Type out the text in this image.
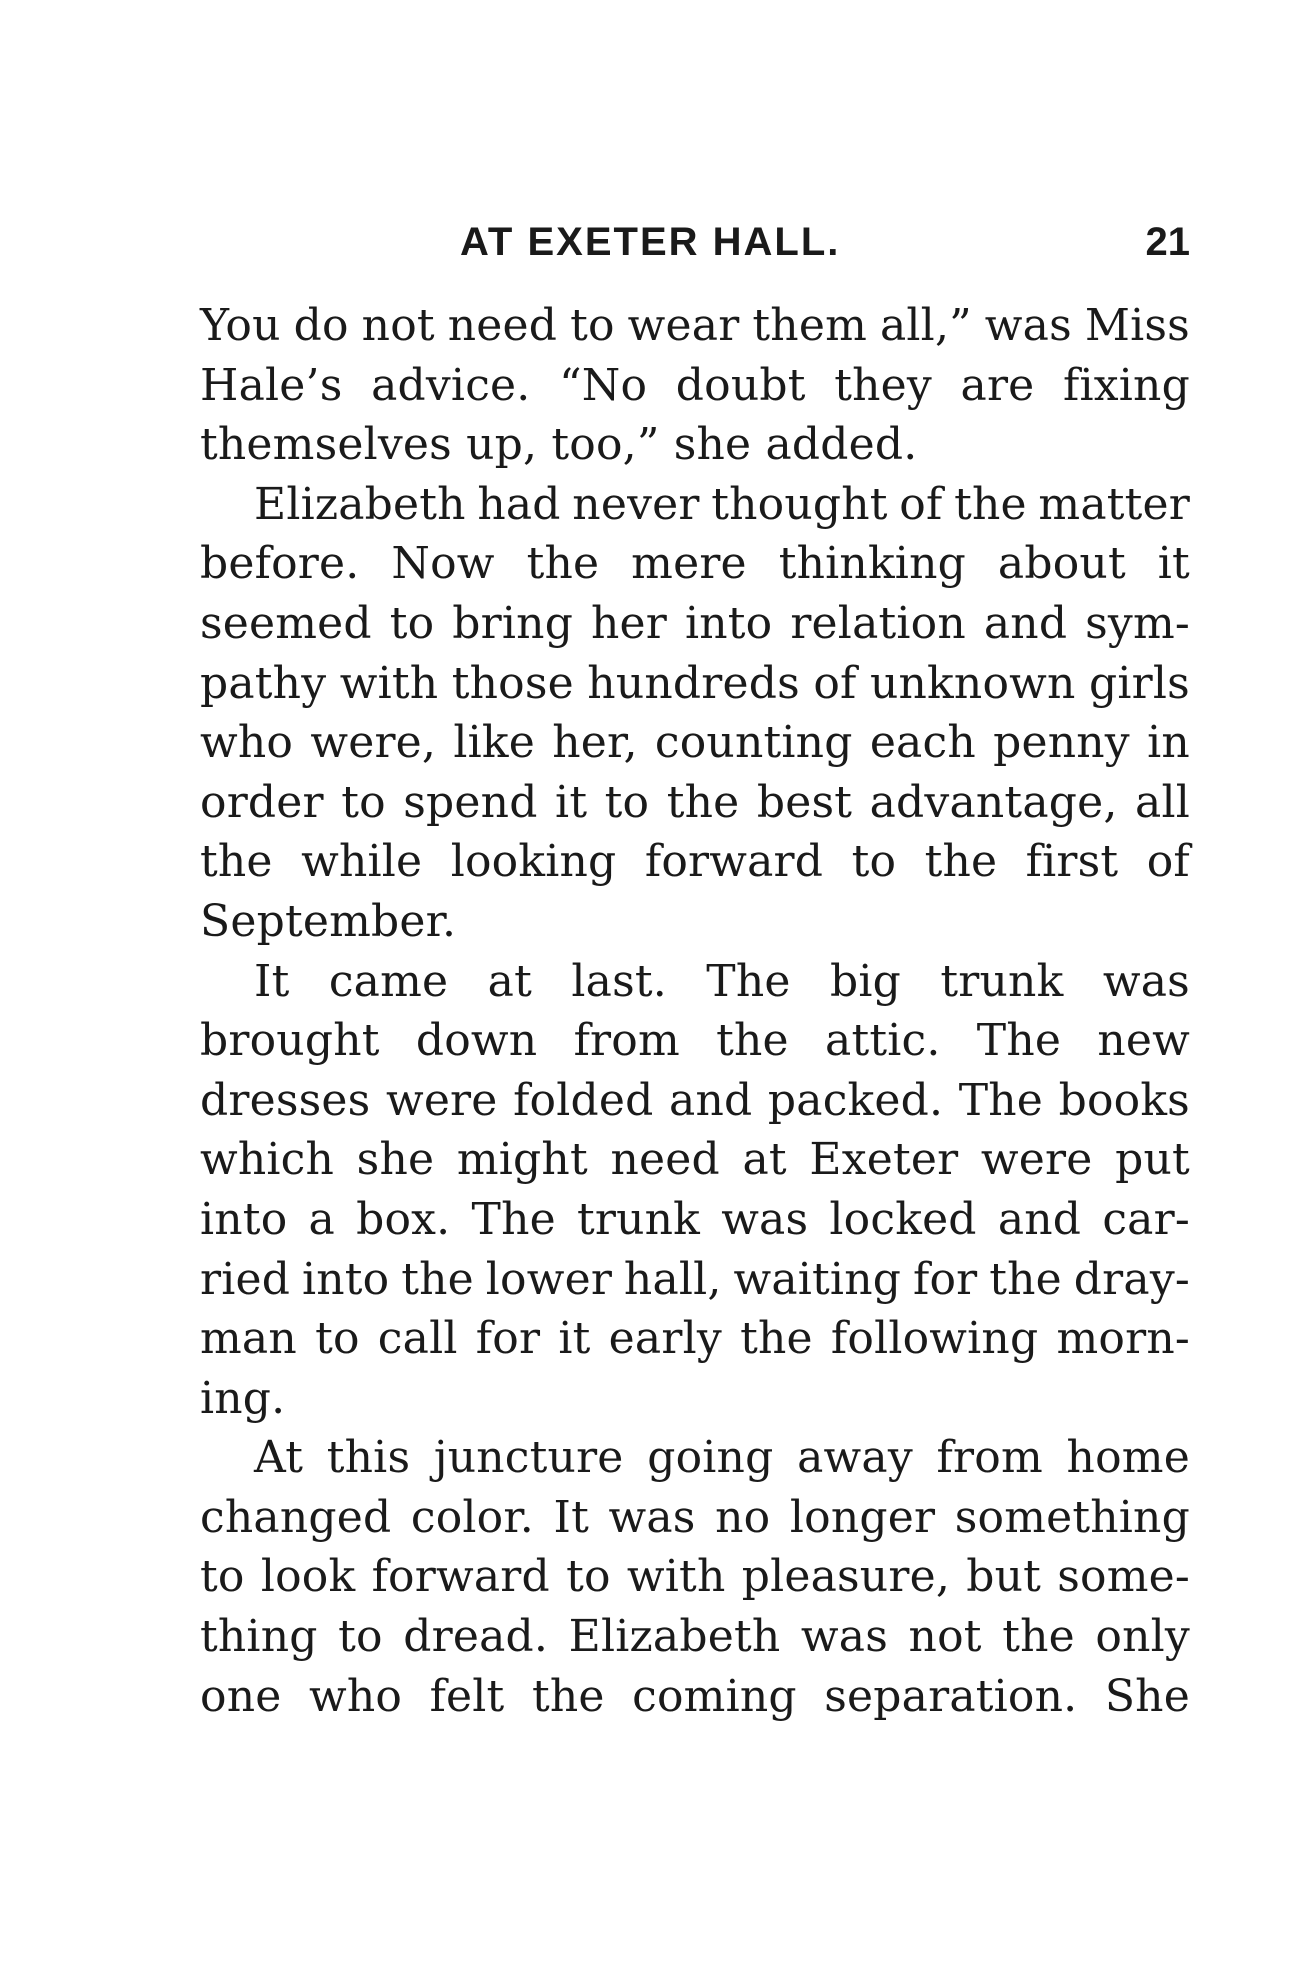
AT EXETER HALL.	21
You do not need to wear them all,” was Miss
Hale’s advice. “No doubt they are fixing
themselves up, too,” she added.
Elizabeth had never thought of the matter
before. Now the mere thinking about it
seemed to bring her into relation and sym-
pathy with those hundreds of unknown girls
who were, like her, counting each penny in
order to spend it to the best advantage, all
the while looking forward to the first of
September.
It came at last. The big trunk was
brought down from the attic. The new
dresses were folded and packed. The books
which she might need at Exeter were put
into a box. The trunk was locked and car-
ried into the lower hall, waiting for the dray-
man to call for it early the following morn-
ing.
At this juncture going away from home
changed color. It was no longer something
to look forward to with pleasure, but some-
thing to dread. Elizabeth was not the only
one who felt the coming separation. She
